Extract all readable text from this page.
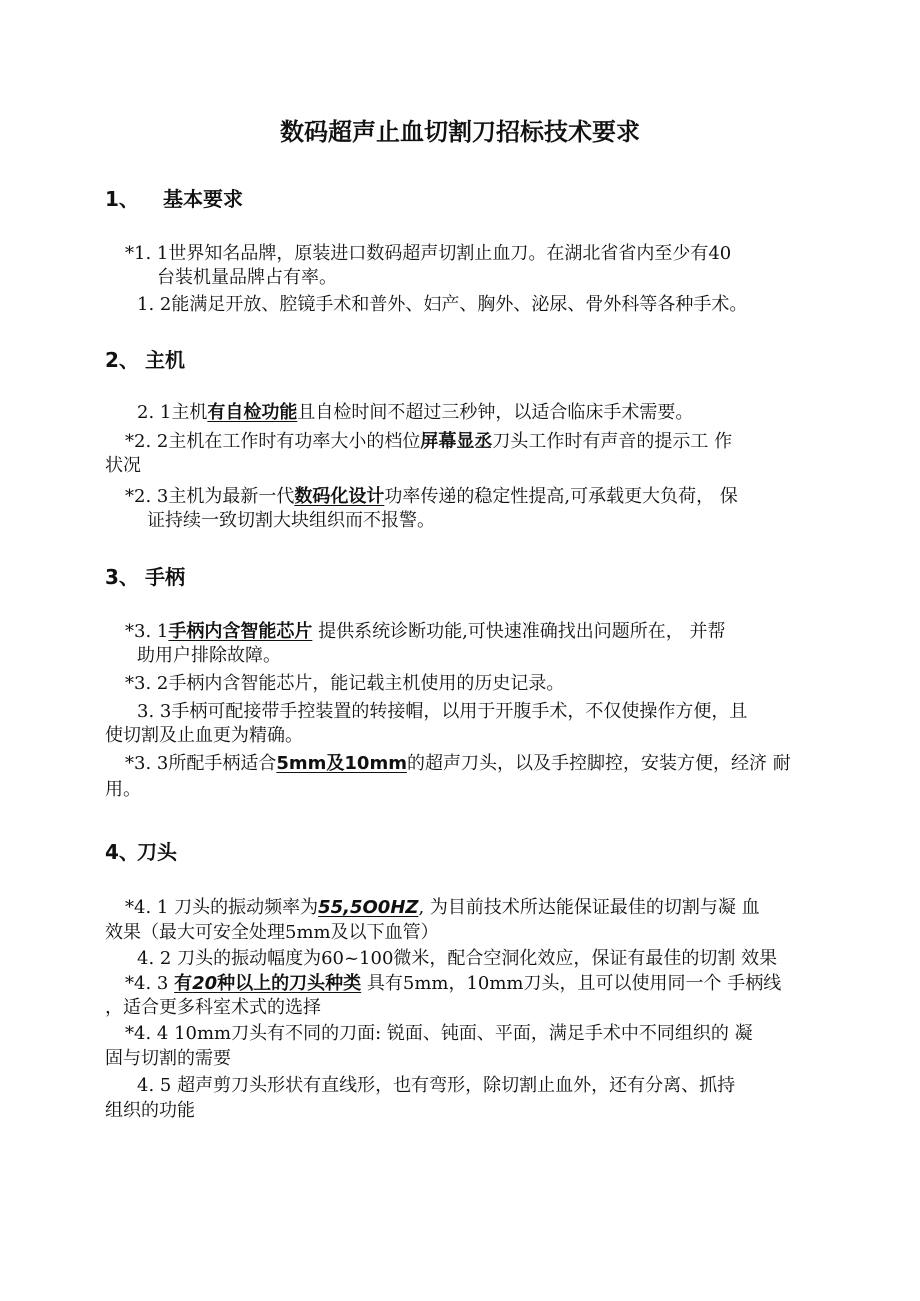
数码超声止血切割刀招标技术要求
1、 基本要求
*1. 1世界知名品牌，原装进口数码超声切割止血刀。在湖北省省内至少有40
台装机量品牌占有率。
1. 2能满足开放、腔镜手术和普外、妇产、胸外、泌尿、骨外科等各种手术。
2、 主机
2. 1主机有自检功能且自检时间不超过三秒钟，以适合临床手术需要。
*2. 2主机在工作时有功率大小的档位屏幕显丞刀头工作时有声音的提示工 作
状况
*2. 3主机为最新一代数码化设计功率传递的稳定性提高,可承载更大负荷， 保
证持续一致切割大块组织而不报警。
3、 手柄
*3. 1手柄内含智能芯片 提供系统诊断功能,可快速准确找出问题所在， 并帮
助用户排除故障。
*3. 2手柄内含智能芯片，能记载主机使用的历史记录。
3. 3手柄可配接带手控装置的转接帽，以用于开腹手术，不仅使操作方便，且
使切割及止血更为精确。
*3. 3所配手柄适合5mm及10mm的超声刀头，以及手控脚控，安装方便，经济 耐
用。
4、刀头
*4. 1 刀头的振动频率为55,5O0HZ, 为目前技术所达能保证最佳的切割与凝 血
效果（最大可安全处理5mm及以下血管）
4. 2 刀头的振动幅度为60~100微米，配合空洞化效应，保证有最佳的切割 效果
*4. 3 有20种以上的刀头种类 具有5mm，10mm刀头，且可以使用同一个 手柄线
，适合更多科室术式的选择
*4. 4 10mm刀头有不同的刀面: 锐面、钝面、平面，满足手术中不同组织的 凝
固与切割的需要
4. 5 超声剪刀头形状有直线形，也有弯形，除切割止血外，还有分离、抓持
组织的功能
